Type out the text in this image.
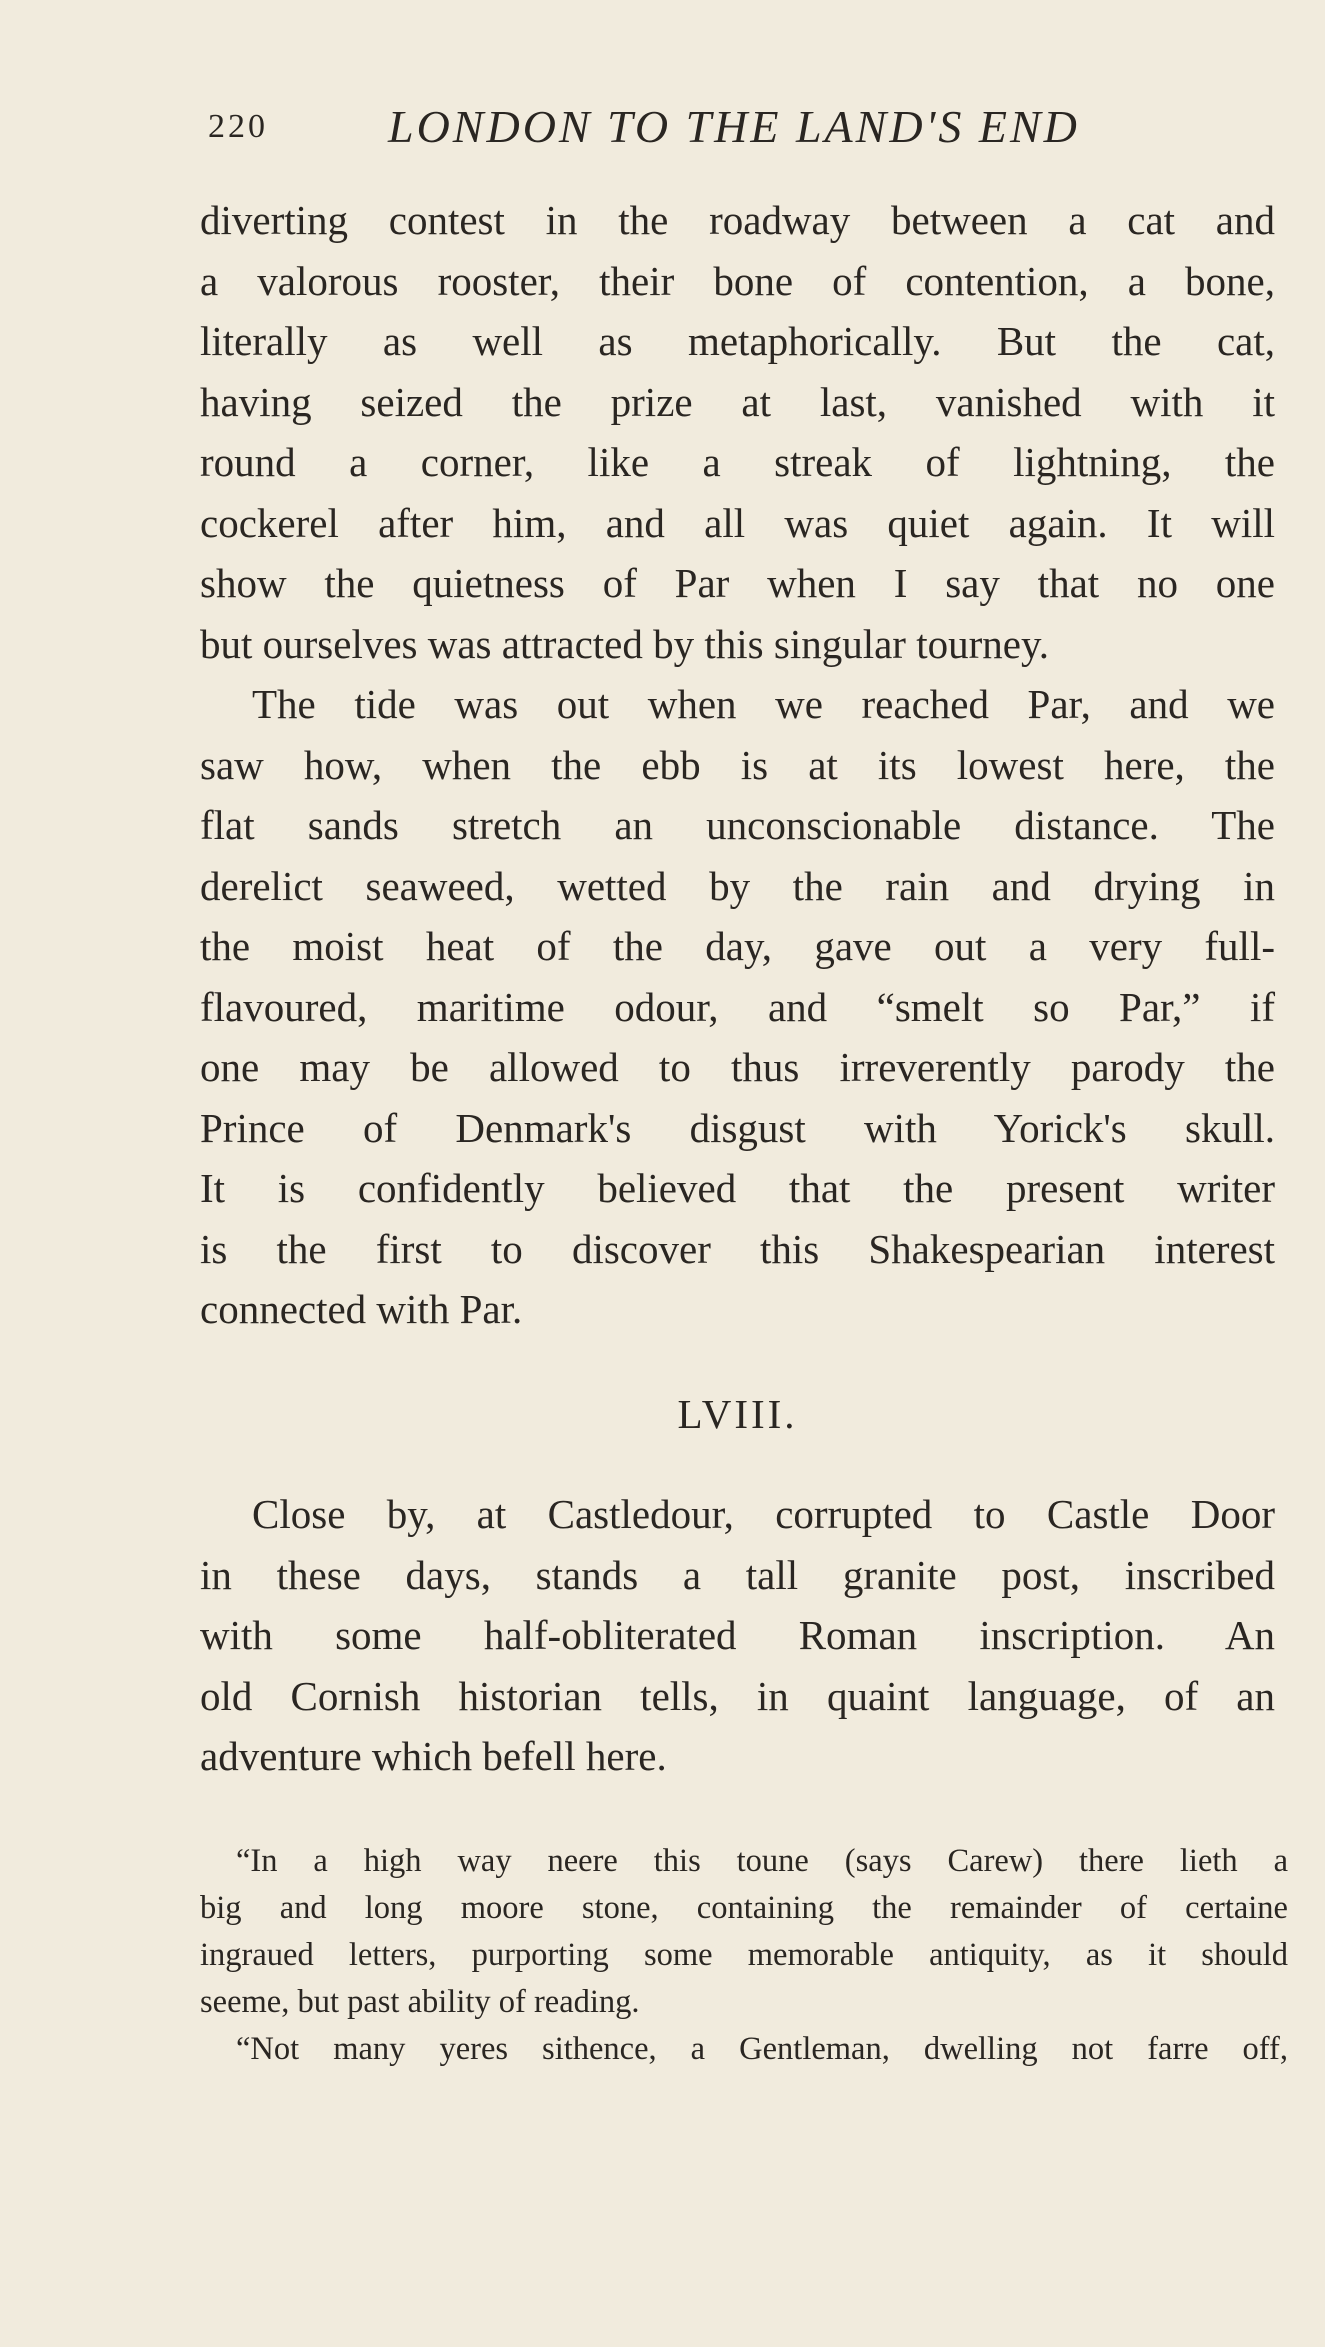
220	LONDON TO THE LAND'S END
diverting contest in the roadway between a cat and
a valorous rooster, their bone of contention, a bone,
literally as well as metaphorically. But the cat,
having seized the prize at last, vanished with it
round a corner, like a streak of lightning, the
cockerel after him, and all was quiet again. It will
show the quietness of Par when I say that no one
but ourselves was attracted by this singular tourney.
The tide was out when we reached Par, and we
saw how, when the ebb is at its lowest here, the
flat sands stretch an unconscionable distance. The
derelict seaweed, wetted by the rain and drying in
the moist heat of the day, gave out a very full-
flavoured, maritime odour, and “smelt so Par,” if
one may be allowed to thus irreverently parody the
Prince of Denmark's disgust with Yorick's skull.
It is confidently believed that the present writer
is the first to discover this Shakespearian interest
connected with Par.
LVIII.
Close by, at Castledour, corrupted to Castle Door
in these days, stands a tall granite post, inscribed
with some half-obliterated Roman inscription. An
old Cornish historian tells, in quaint language, of an
adventure which befell here.
“In a high way neere this toune (says Carew) there lieth a
big and long moore stone, containing the remainder of certaine
ingraued letters, purporting some memorable antiquity, as it should
seeme, but past ability of reading.
“Not many yeres sithence, a Gentleman, dwelling not farre off,
